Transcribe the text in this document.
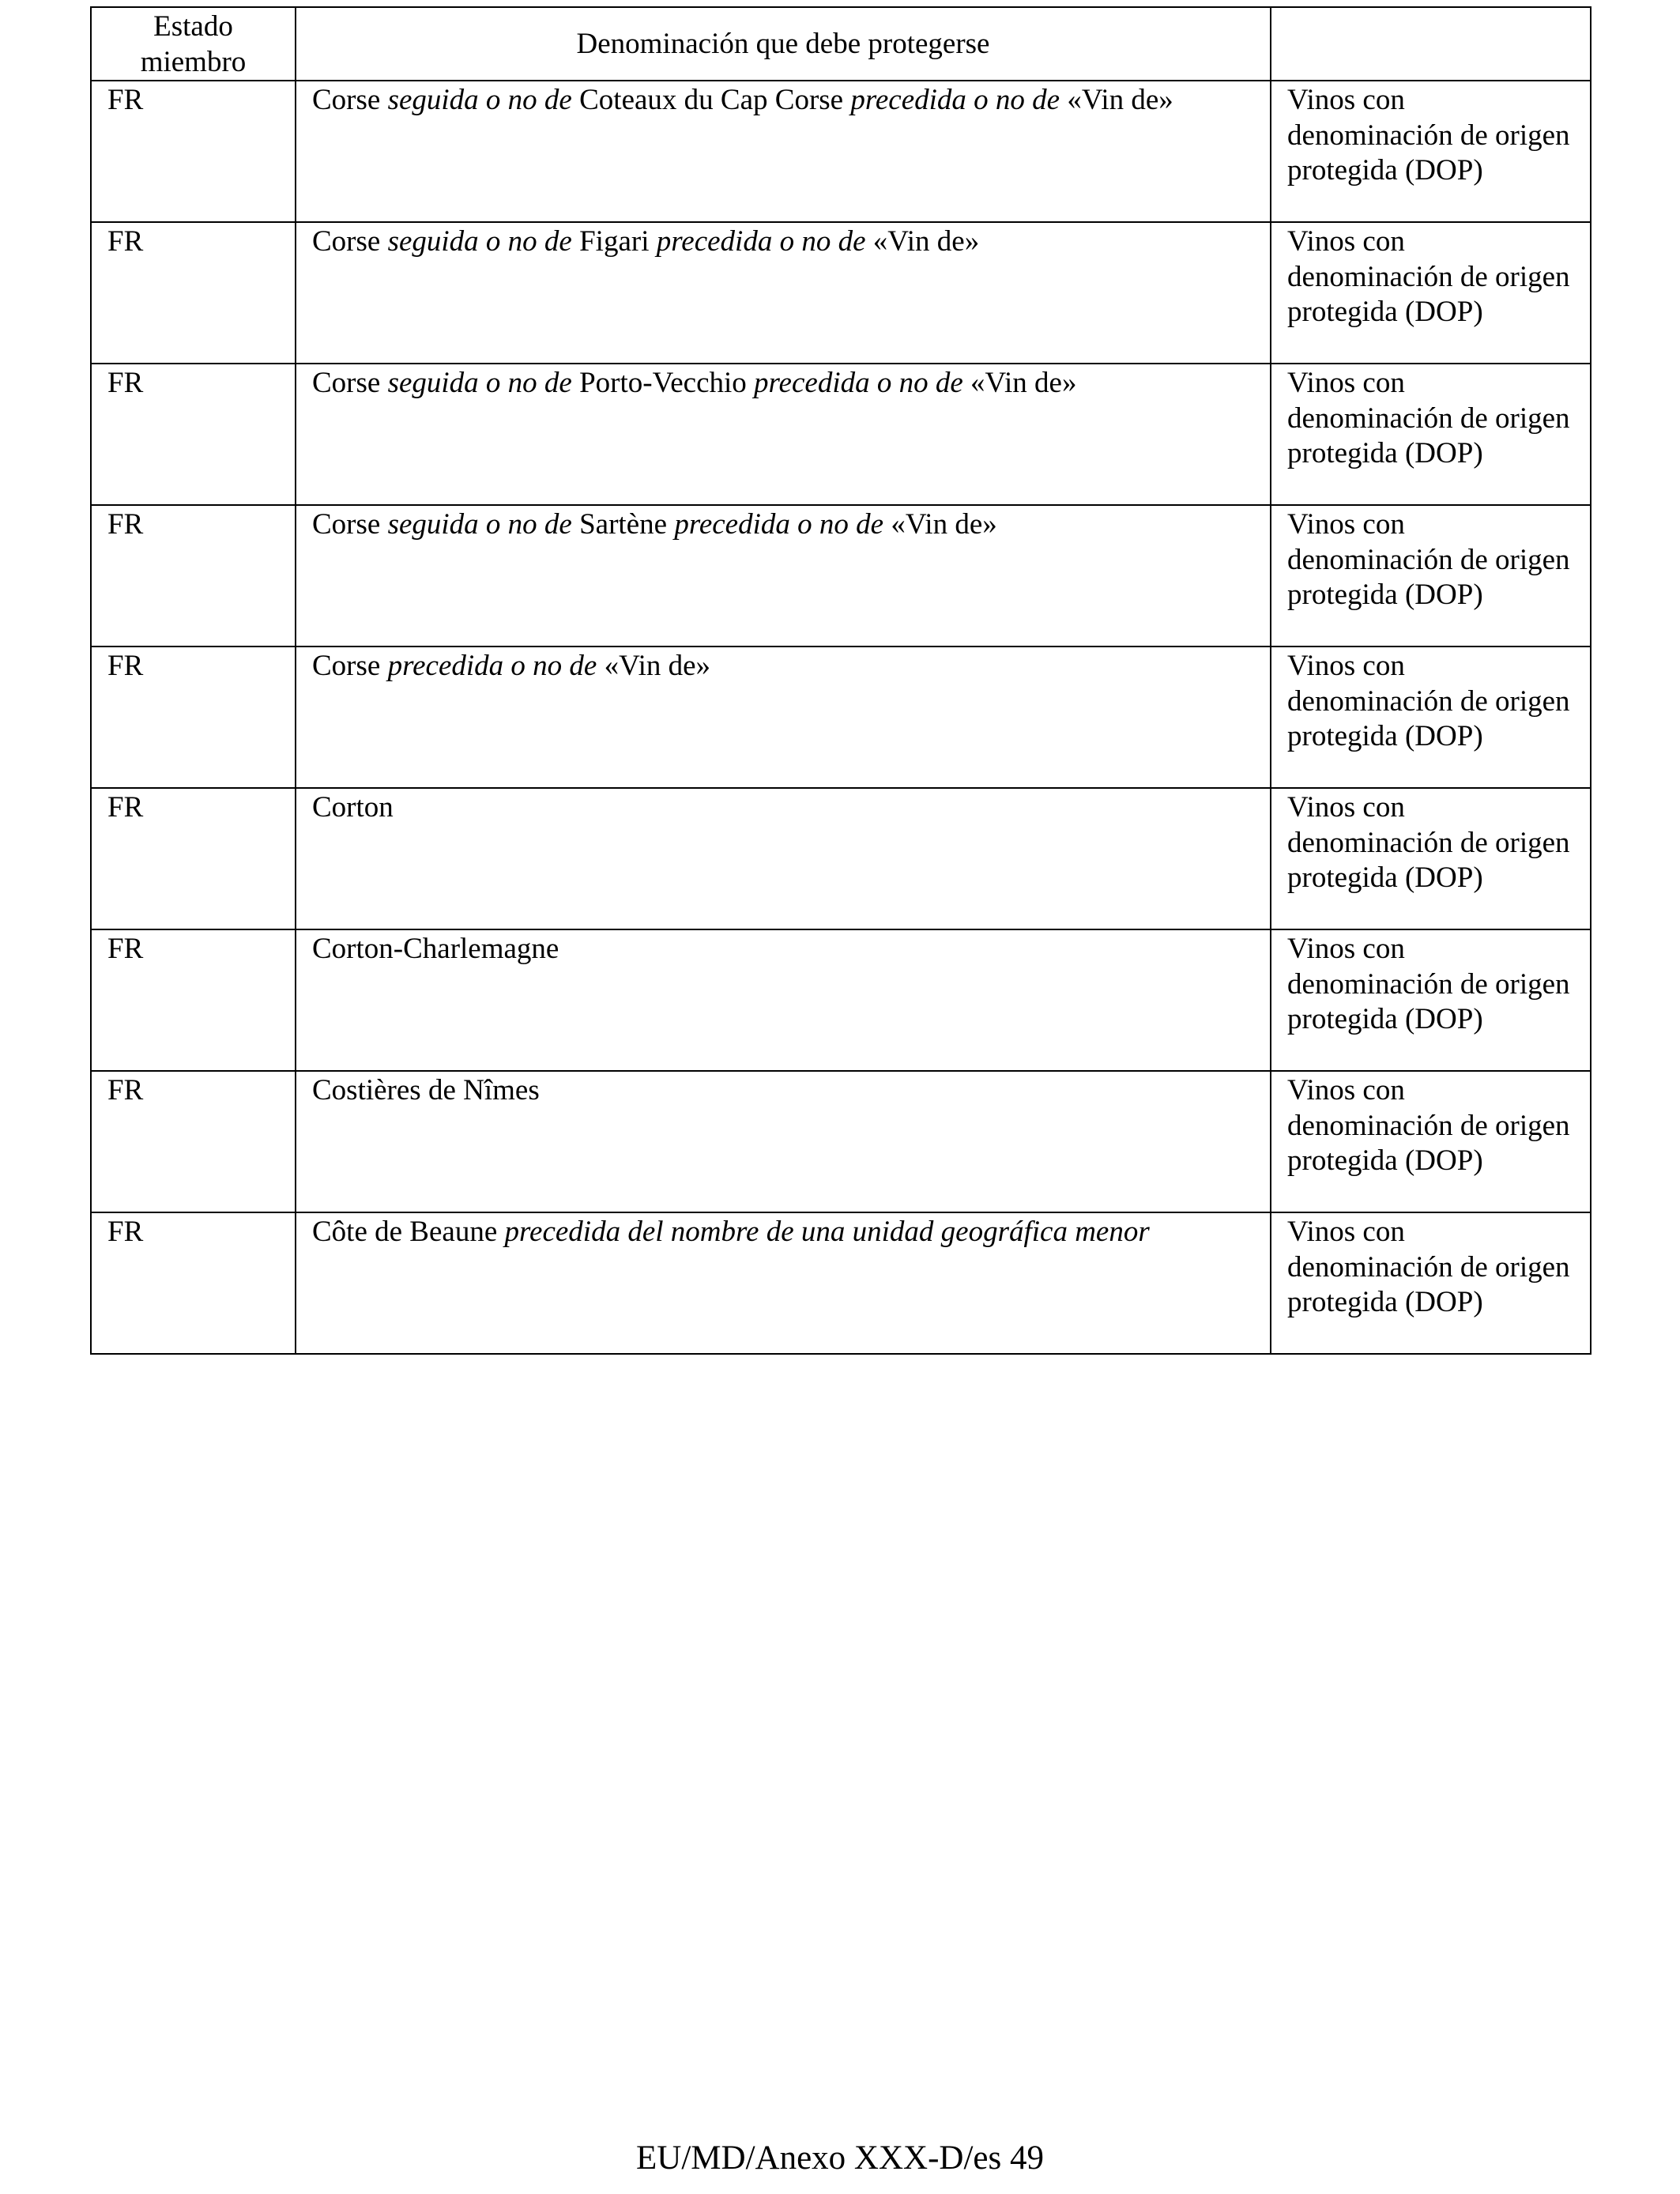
Estado
miembro	Denominación que debe protegerse	
FR	Corse seguida o no de Coteaux du Cap Corse precedida o no de «Vin de»	Vinos con denominación de origen protegida (DOP)
FR	Corse seguida o no de Figari precedida o no de «Vin de»	Vinos con denominación de origen protegida (DOP)
FR	Corse seguida o no de Porto-Vecchio precedida o no de «Vin de»	Vinos con denominación de origen protegida (DOP)
FR	Corse seguida o no de Sartène precedida o no de «Vin de»	Vinos con denominación de origen protegida (DOP)
FR	Corse precedida o no de «Vin de»	Vinos con denominación de origen protegida (DOP)
FR	Corton	Vinos con denominación de origen protegida (DOP)
FR	Corton-Charlemagne	Vinos con denominación de origen protegida (DOP)
FR	Costières de Nîmes	Vinos con denominación de origen protegida (DOP)
FR	Côte de Beaune precedida del nombre de una unidad geográfica menor	Vinos con denominación de origen protegida (DOP)
EU/MD/Anexo XXX-D/es 49
